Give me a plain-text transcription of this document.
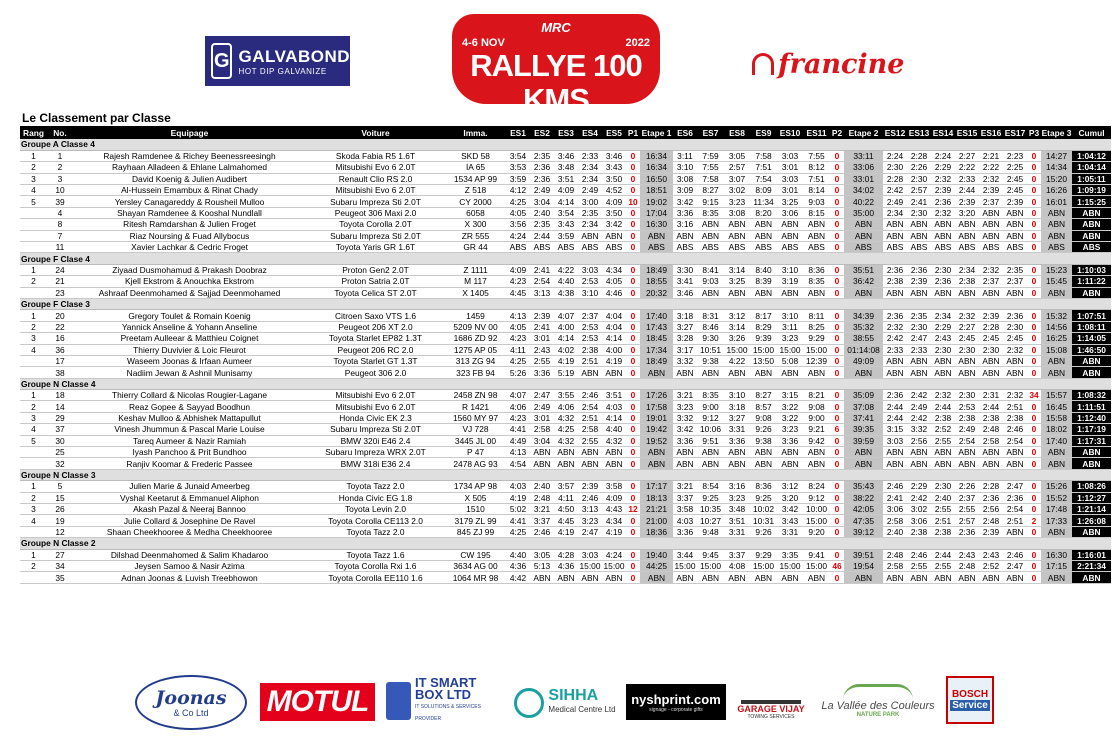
G GALVABOND
HOT DIP GALVANIZE
MRC
4-6 NOV	2022
RALLYE 100 KMS
CHAMPIONNAT NATIONAL DE RALLYE 2022 | STAGE 5/5
francine
Le Classement par Classe
Rang	No.	Equipage	Voiture	Imma.	ES1	ES2	ES3	ES4	ES5	P1	Etape 1	ES6	ES7	ES8	ES9	ES10	ES11	P2	Etape 2	ES12	ES13	ES14	ES15	ES16	ES17	P3	Etape 3	Cumul
Groupe A Classe 4																												
1	1	Rajesh Ramdenee & Richey Beenessreesingh	Skoda Fabia R5 1.6T	SKD 58	3:54	2:35	3:46	2:33	3:46	0	16:34	3:11	7:59	3:05	7:58	3:03	7:55	0	33:11	2:24	2:28	2:24	2:27	2:21	2:23	0	14:27	1:04:12
2	2	Rayhaan Alladeen & Ehlane Lalmahomed	Mitsubishi Evo 6 2.0T	IA 65	3:53	2:36	3:48	2:34	3:43	0	16:34	3:10	7:55	2:57	7:51	3:01	8:12	0	33:06	2:30	2:26	2:29	2:22	2:22	2:25	0	14:34	1:04:14
3	3	David Koenig & Julien Audibert	Renault Clio RS 2.0	1534 AP 99	3:59	2:36	3:51	2:34	3:50	0	16:50	3:08	7:58	3:07	7:54	3:03	7:51	0	33:01	2:28	2:30	2:32	2:33	2:32	2:45	0	15:20	1:05:11
4	10	Al-Hussein Emambux & Rinat Chady	Mitsubishi Evo 6 2.0T	Z 518	4:12	2:49	4:09	2:49	4:52	0	18:51	3:09	8:27	3:02	8:09	3:01	8:14	0	34:02	2:42	2:57	2:39	2:44	2:39	2:45	0	16:26	1:09:19
5	39	Yersley Canagareddy & Rousheil Mulloo	Subaru Impreza Sti 2.0T	CY 2000	4:25	3:04	4:14	3:00	4:09	10	19:02	3:42	9:15	3:23	11:34	3:25	9:03	0	40:22	2:49	2:41	2:36	2:39	2:37	2:39	0	16:01	1:15:25
	4	Shayan Ramdenee & Kooshal Nundlall	Peugeot 306 Maxi 2.0	6058	4:05	2:40	3:54	2:35	3:50	0	17:04	3:36	8:35	3:08	8:20	3:06	8:15	0	35:00	2:34	2:30	2:32	3:20	ABN	ABN	0	ABN	ABN
	8	Ritesh Ramdarshan & Julien Froget	Toyota Corolla 2.0T	X 300	3:56	2:35	3:43	2:34	3:42	0	16:30	3:16	ABN	ABN	ABN	ABN	ABN	0	ABN	ABN	ABN	ABN	ABN	ABN	ABN	0	ABN	ABN
	7	Riaz Noursing & Fuad Allybocus	Subaru Impreza Sti 2.0T	ZR 555	4:24	2:44	3:59	ABN	ABN	0	ABN	ABN	ABN	ABN	ABN	ABN	ABN	0	ABN	ABN	ABN	ABN	ABN	ABN	ABN	0	ABN	ABN
	11	Xavier Lachkar & Cedric Froget	Toyota Yaris GR 1.6T	GR 44	ABS	ABS	ABS	ABS	ABS	0	ABS	ABS	ABS	ABS	ABS	ABS	ABS	0	ABS	ABS	ABS	ABS	ABS	ABS	ABS	0	ABS	ABS
Groupe F Clase 4																												
1	24	Ziyaad Dusmohamud & Prakash Doobraz	Proton Gen2 2.0T	Z 1111	4:09	2:41	4:22	3:03	4:34	0	18:49	3:30	8:41	3:14	8:40	3:10	8:36	0	35:51	2:36	2:36	2:30	2:34	2:32	2:35	0	15:23	1:10:03
2	21	Kjell Ekstrom & Anouchka Ekstrom	Proton Satria 2.0T	M 117	4:23	2:54	4:40	2:53	4:05	0	18:55	3:41	9:03	3:25	8:39	3:19	8:35	0	36:42	2:38	2:39	2:36	2:38	2:37	2:37	0	15:45	1:11:22
	23	Ashraaf Deenmohamed & Sajjad Deenmohamed	Toyota Celica ST 2.0T	X 1405	4:45	3:13	4:38	3:10	4:46	0	20:32	3:46	ABN	ABN	ABN	ABN	ABN	0	ABN	ABN	ABN	ABN	ABN	ABN	ABN	0	ABN	ABN
Groupe F Clase 3																												
1	20	Gregory Toulet & Romain Koenig	Citroen Saxo VTS 1.6	1459	4:13	2:39	4:07	2:37	4:04	0	17:40	3:18	8:31	3:12	8:17	3:10	8:11	0	34:39	2:36	2:35	2:34	2:32	2:39	2:36	0	15:32	1:07:51
2	22	Yannick Anseline & Yohann Anseline	Peugeot 206 XT 2.0	5209 NV 00	4:05	2:41	4:00	2:53	4:04	0	17:43	3:27	8:46	3:14	8:29	3:11	8:25	0	35:32	2:32	2:30	2:29	2:27	2:28	2:30	0	14:56	1:08:11
3	16	Preetam Aulleear & Matthieu Coignet	Toyota Starlet EP82 1.3T	1686 ZD 92	4:23	3:01	4:14	2:53	4:14	0	18:45	3:28	9:30	3:26	9:39	3:23	9:29	0	38:55	2:42	2:47	2:43	2:45	2:45	2:45	0	16:25	1:14:05
4	36	Thierry Duvivier & Loic Fleurot	Peugeot 206 RC 2.0	1275 AP 05	4:11	2:43	4:02	2:38	4:00	0	17:34	3:17	10:51	15:00	15:00	15:00	15:00	0	01:14:08	2:33	2:33	2:30	2:30	2:30	2:32	0	15:08	1:46:50
	17	Waseem Joonas & Irfaan Aumeer	Toyota Starlet GT 1.3T	313 ZG 94	4:25	2:55	4:19	2:51	4:19	0	18:49	3:32	9:38	4:22	13:50	5:08	12:39	0	49:09	ABN	ABN	ABN	ABN	ABN	ABN	0	ABN	ABN
	38	Nadiim Jewan & Ashnil Munisamy	Peugeot 306 2.0	323 FB 94	5:26	3:36	5:19	ABN	ABN	0	ABN	ABN	ABN	ABN	ABN	ABN	ABN	0	ABN	ABN	ABN	ABN	ABN	ABN	ABN	0	ABN	ABN
Groupe N Classe 4																												
1	18	Thierry Collard & Nicolas Rougier-Lagane	Mitsubishi Evo 6 2.0T	2458 ZN 98	4:07	2:47	3:55	2:46	3:51	0	17:26	3:21	8:35	3:10	8:27	3:15	8:21	0	35:09	2:36	2:42	2:32	2:30	2:31	2:32	34	15:57	1:08:32
2	14	Reaz Gopee & Sayyad Boodhun	Mitsubishi Evo 6 2.0T	R 1421	4:06	2:49	4:06	2:54	4:03	0	17:58	3:23	9:00	3:18	8:57	3:22	9:08	0	37:08	2:44	2:49	2:44	2:53	2:44	2:51	0	16:45	1:11:51
3	29	Keshav Mulloo & Abhishek Mattapullut	Honda Civic EK 2.3	1560 MY 97	4:23	3:01	4:32	2:51	4:14	0	19:01	3:32	9:12	3:27	9:08	3:22	9:00	0	37:41	2:44	2:42	2:38	2:38	2:38	2:38	0	15:58	1:12:40
4	37	Vinesh Jhummun & Pascal Marie Louise	Subaru Impreza Sti 2.0T	VJ 728	4:41	2:58	4:25	2:58	4:40	0	19:42	3:42	10:06	3:31	9:26	3:23	9:21	6	39:35	3:15	3:32	2:52	2:49	2:48	2:46	0	18:02	1:17:19
5	30	Tareq Aumeer & Nazir Ramiah	BMW 320i E46 2.4	3445 JL 00	4:49	3:04	4:32	2:55	4:32	0	19:52	3:36	9:51	3:36	9:38	3:36	9:42	0	39:59	3:03	2:56	2:55	2:54	2:58	2:54	0	17:40	1:17:31
	25	Iyash Panchoo & Prit Bundhoo	Subaru Impreza WRX 2.0T	P 47	4:13	ABN	ABN	ABN	ABN	0	ABN	ABN	ABN	ABN	ABN	ABN	ABN	0	ABN	ABN	ABN	ABN	ABN	ABN	ABN	0	ABN	ABN
	32	Ranjiv Koomar & Frederic Passee	BMW 318i E36 2.4	2478 AG 93	4:54	ABN	ABN	ABN	ABN	0	ABN	ABN	ABN	ABN	ABN	ABN	ABN	0	ABN	ABN	ABN	ABN	ABN	ABN	ABN	0	ABN	ABN
Groupe N Classe 3																												
1	5	Julien Marie & Junaid Ameerbeg	Toyota Tazz 2.0	1734 AP 98	4:03	2:40	3:57	2:39	3:58	0	17:17	3:21	8:54	3:16	8:36	3:12	8:24	0	35:43	2:46	2:29	2:30	2:26	2:28	2:47	0	15:26	1:08:26
2	15	Vyshal Keetarut & Emmanuel Aliphon	Honda Civic EG 1.8	X 505	4:19	2:48	4:11	2:46	4:09	0	18:13	3:37	9:25	3:23	9:25	3:20	9:12	0	38:22	2:41	2:42	2:40	2:37	2:36	2:36	0	15:52	1:12:27
3	26	Akash Pazal & Neeraj Bannoo	Toyota Levin 2.0	1510	5:02	3:21	4:50	3:13	4:43	12	21:21	3:58	10:35	3:48	10:02	3:42	10:00	0	42:05	3:06	3:02	2:55	2:55	2:56	2:54	0	17:48	1:21:14
4	19	Julie Collard & Josephine De Ravel	Toyota Corolla CE113 2.0	3179 ZL 99	4:41	3:37	4:45	3:23	4:34	0	21:00	4:03	10:27	3:51	10:31	3:43	15:00	0	47:35	2:58	3:06	2:51	2:57	2:48	2:51	2	17:33	1:26:08
	12	Shaan Cheekhooree & Medha Cheekhooree	Toyota Tazz 2.0	845 ZJ 99	4:25	2:46	4:19	2:47	4:19	0	18:36	3:36	9:48	3:31	9:26	3:31	9:20	0	39:12	2:40	2:38	2:38	2:36	2:39	ABN	0	ABN	ABN
Groupe N Classe 2																												
1	27	Dilshad Deenmahomed & Salim Khadaroo	Toyota Tazz 1.6	CW 195	4:40	3:05	4:28	3:03	4:24	0	19:40	3:44	9:45	3:37	9:29	3:35	9:41	0	39:51	2:48	2:46	2:44	2:43	2:43	2:46	0	16:30	1:16:01
2	34	Jeysen Samoo & Nasir Azima	Toyota Corolla Rxi 1.6	3634 AG 00	4:36	5:13	4:36	15:00	15:00	0	44:25	15:00	15:00	4:08	15:00	15:00	15:00	46	19:54	2:58	2:55	2:55	2:48	2:52	2:47	0	17:15	2:21:34
	35	Adnan Joonas & Luvish Treebhowon	Toyota Corolla EE110 1.6	1064 MR 98	4:42	ABN	ABN	ABN	ABN	0	ABN	ABN	ABN	ABN	ABN	ABN	ABN	0	ABN	ABN	ABN	ABN	ABN	ABN	ABN	0	ABN	ABN
Joonas
& Co Ltd MOTUL
IT SMART BOX LTD
IT SOLUTIONS & SERVICES PROVIDER
SIHHA
Medical Centre Ltd
nyshprint.com
signage - corporate gifts	GARAGE VIJAY
TOWING SERVICES
La Vallée des Couleurs
NATURE PARK
BOSCH
Service
